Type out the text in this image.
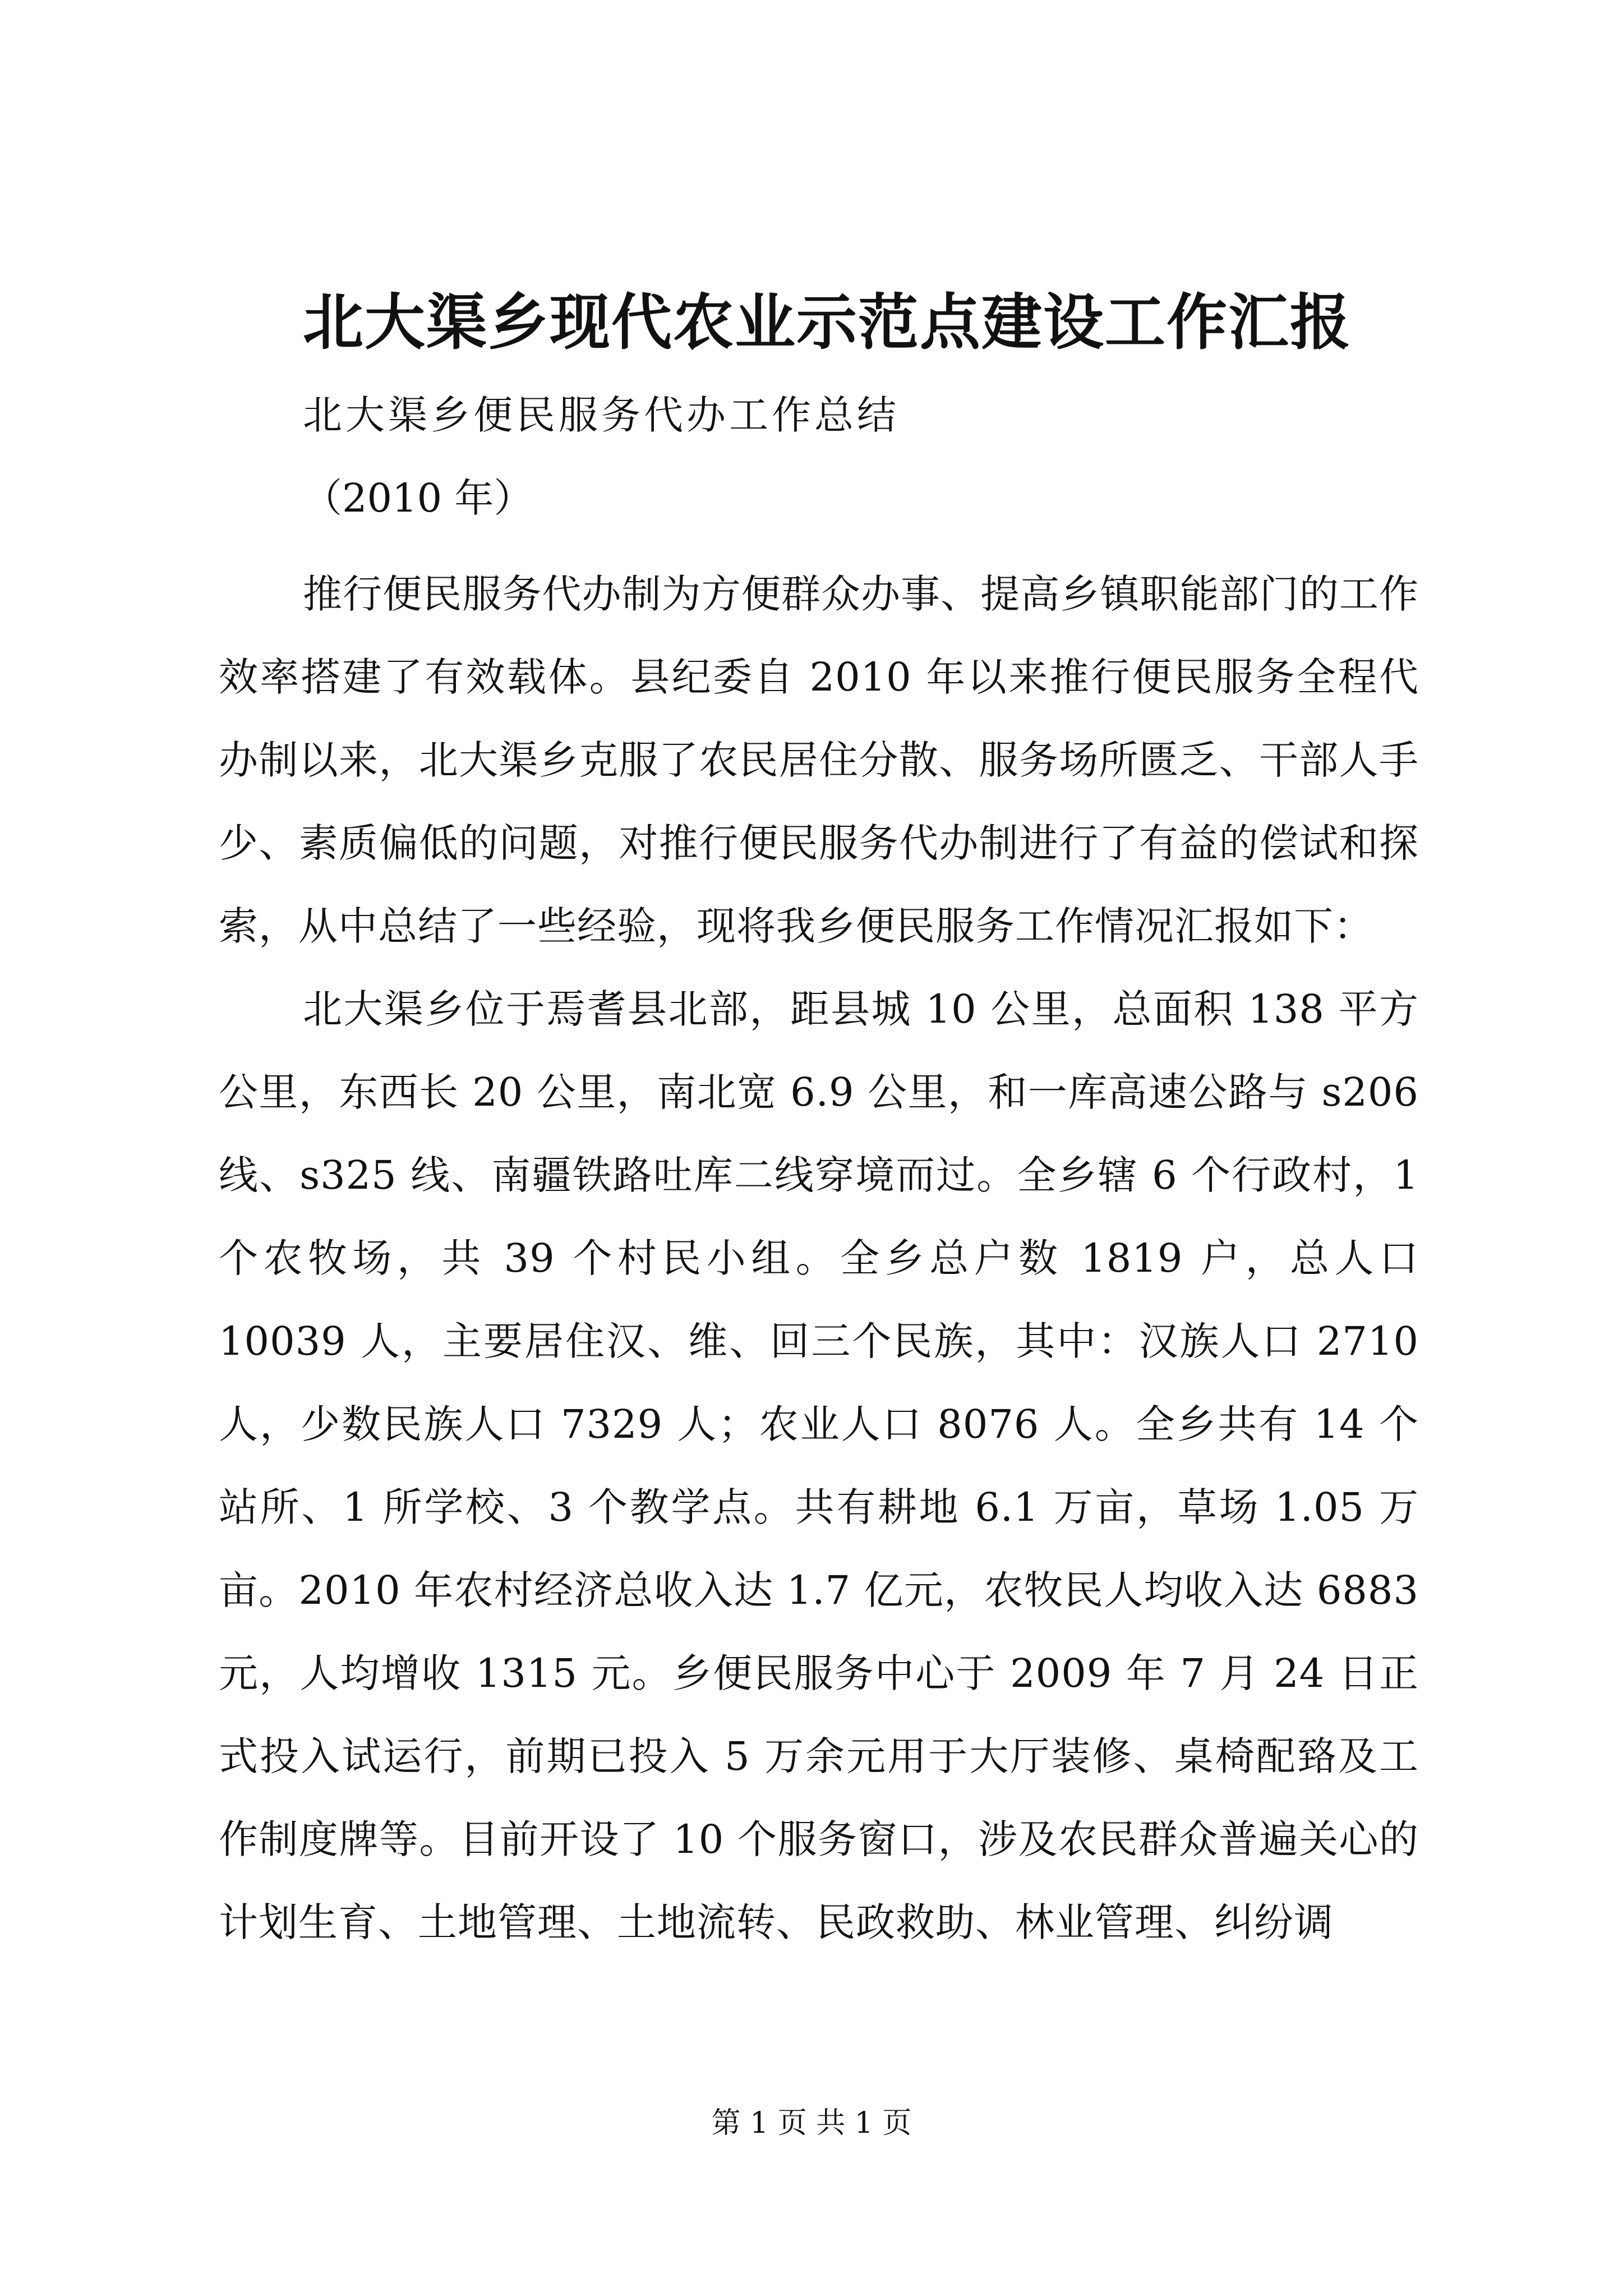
北大渠乡现代农业示范点建设工作汇报
北大渠乡便民服务代办工作总结
（2010 年）

推行便民服务代办制为方便群众办事、提高乡镇职能部门的工作效率搭建了有效载体。县纪委自 2010 年以来推行便民服务全程代办制以来，北大渠乡克服了农民居住分散、服务场所匮乏、干部人手少、素质偏低的问题，对推行便民服务代办制进行了有益的偿试和探索，从中总结了一些经验，现将我乡便民服务工作情况汇报如下：

北大渠乡位于焉耆县北部，距县城 10 公里，总面积 138 平方公里，东西长 20 公里，南北宽 6.9 公里，和一库高速公路与 s206 线、s325 线、南疆铁路吐库二线穿境而过。全乡辖 6 个行政村，1 个农牧场，共 39 个村民小组。全乡总户数 1819 户，总人口 10039 人，主要居住汉、维、回三个民族，其中：汉族人口 2710 人，少数民族人口 7329 人；农业人口 8076 人。全乡共有 14 个站所、1 所学校、3 个教学点。共有耕地 6.1 万亩，草场 1.05 万亩。2010 年农村经济总收入达 1.7 亿元，农牧民人均收入达 6883 元，人均增收 1315 元。乡便民服务中心于 2009 年 7 月 24 日正式投入试运行，前期已投入 5 万余元用于大厅装修、桌椅配臵及工作制度牌等。目前开设了 10 个服务窗口，涉及农民群众普遍关心的计划生育、土地管理、土地流转、民政救助、林业管理、纠纷调

第 1 页 共 1 页
